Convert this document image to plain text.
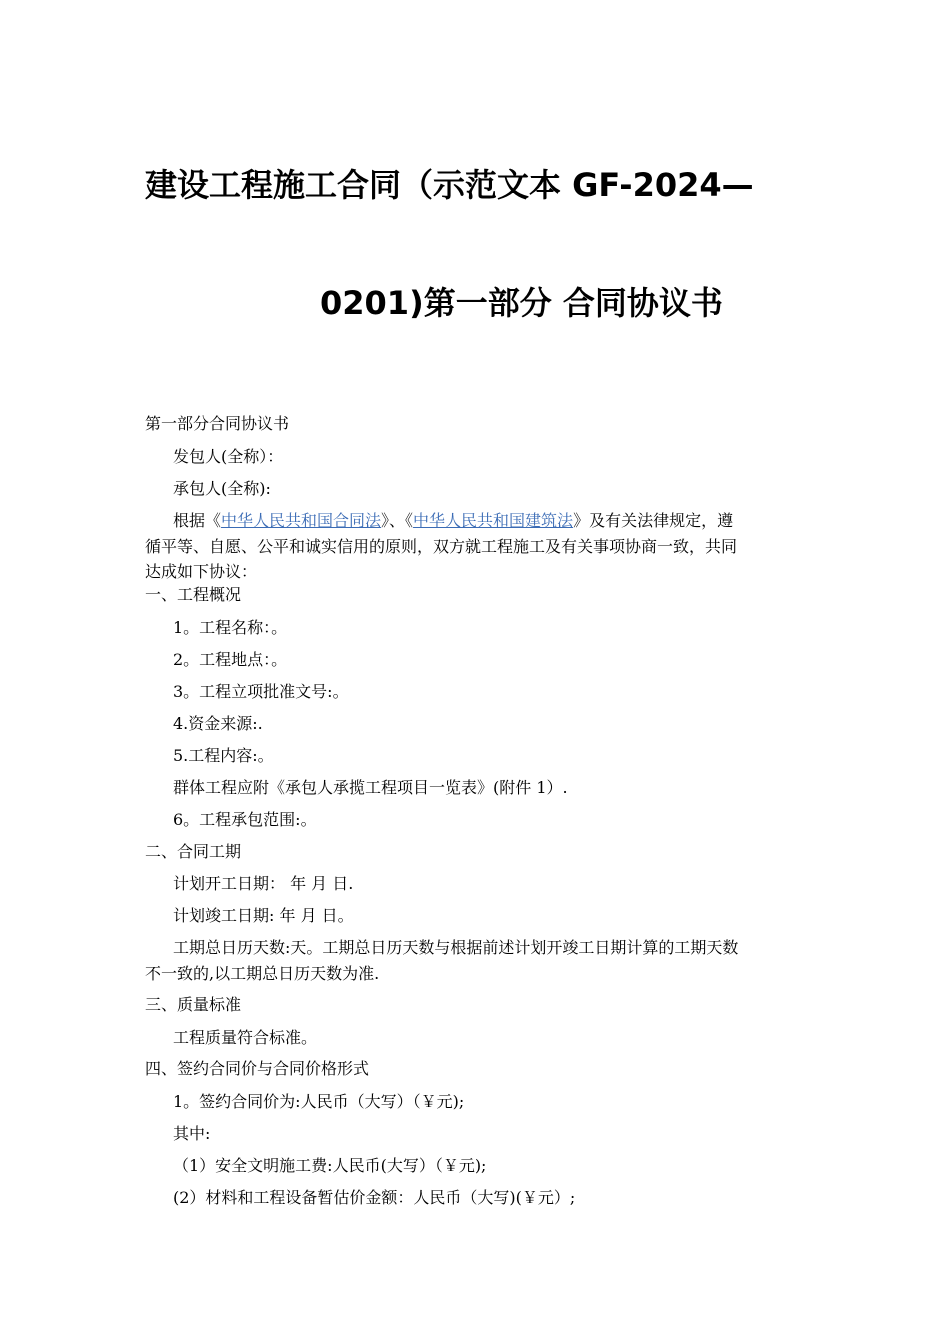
建设工程施工合同（示范文本 GF-2024—
0201)第一部分 合同协议书
第一部分合同协议书
发包人(全称）：
承包人(全称):
根据《中华人民共和国合同法》、《中华人民共和国建筑法》及有关法律规定，遵
循平等、自愿、公平和诚实信用的原则，双方就工程施工及有关事项协商一致，共同
达成如下协议：
一、工程概况
1。工程名称：。
2。工程地点：。
3。工程立项批准文号:。
4.资金来源:.
5.工程内容:。
群体工程应附《承包人承揽工程项目一览表》(附件 1）.
6。工程承包范围:。
二、合同工期
计划开工日期： 年 月 日.
计划竣工日期: 年 月 日。
工期总日历天数:天。工期总日历天数与根据前述计划开竣工日期计算的工期天数
不一致的,以工期总日历天数为准.
三、质量标准
工程质量符合标准。
四、签约合同价与合同价格形式
1。签约合同价为:人民币（大写）（￥元);
其中:
（1）安全文明施工费:人民币(大写）（￥元);
(2）材料和工程设备暂估价金额：人民币（大写)(￥元）;
